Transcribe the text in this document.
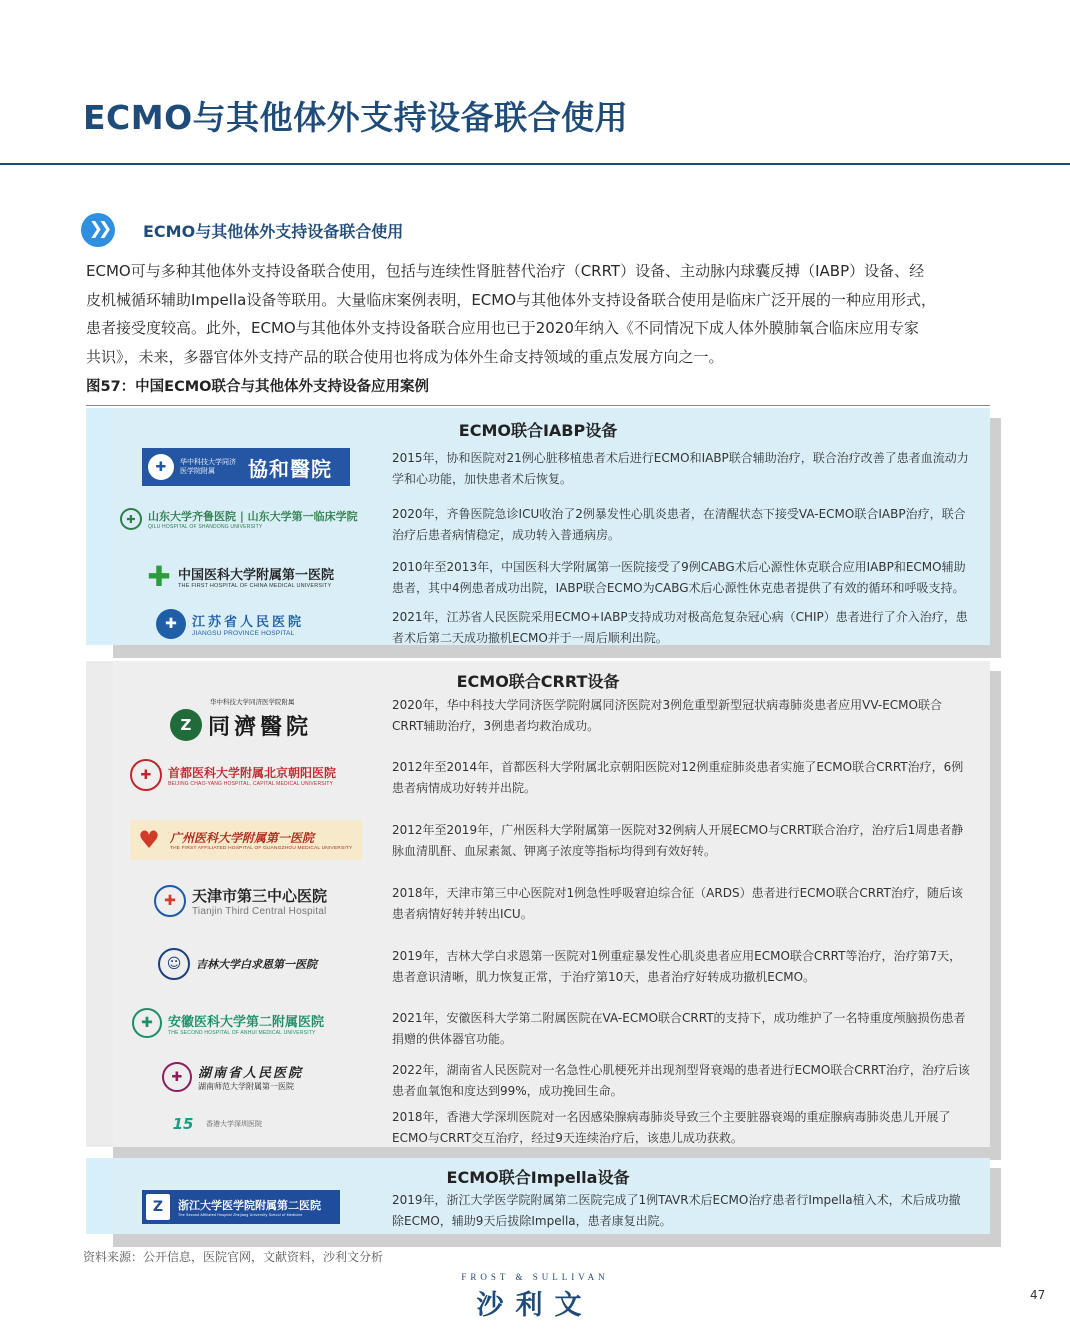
ECMO与其他体外支持设备联合使用
❯❯	ECMO与其他体外支持设备联合使用

ECMO可与多种其他体外支持设备联合使用，包括与连续性肾脏替代治疗（CRRT）设备、主动脉内球囊反搏（IABP）设备、经

皮机械循环辅助Impella设备等联用。大量临床案例表明，ECMO与其他体外支持设备联合使用是临床广泛开展的一种应用形式，

患者接受度较高。此外，ECMO与其他体外支持设备联合应用也已于2020年纳入《不同情况下成人体外膜肺氧合临床应用专家

共识》，未来，多器官体外支持产品的联合使用也将成为体外生命支持领域的重点发展方向之一。

图57：中国ECMO联合与其他体外支持设备应用案例
ECMO联合IABP设备
✚	华中科技大学同济医学院附属	協和醫院	2015年，协和医院对21例心脏移植患者术后进行ECMO和IABP联合辅助治疗，联合治疗改善了患者血流动力学和心功能，加快患者术后恢复。
✚	山东大学齐鲁医院 | 山东大学第一临床学院
QILU HOSPITAL OF SHANDONG UNIVERSITY
2020年，齐鲁医院急诊ICU收治了2例暴发性心肌炎患者，在清醒状态下接受VA-ECMO联合IABP治疗，联合治疗后患者病情稳定，成功转入普通病房。
✚ 中国医科大学附属第一医院
THE FIRST HOSPITAL OF CHINA MEDICAL UNIVERSITY
2010年至2013年，中国医科大学附属第一医院接受了9例CABG术后心源性休克联合应用IABP和ECMO辅助患者，其中4例患者成功出院，IABP联合ECMO为CABG术后心源性休克患者提供了有效的循环和呼吸支持。
✚	江苏省人民医院
JIANGSU PROVINCE HOSPITAL
2021年，江苏省人民医院采用ECMO+IABP支持成功对极高危复杂冠心病（CHIP）患者进行了介入治疗，患者术后第二天成功撤机ECMO并于一周后顺利出院。
ECMO联合CRRT设备
华中科技大学同济医学院附属
Z 同濟醫院
2020年，华中科技大学同济医学院附属同济医院对3例危重型新型冠状病毒肺炎患者应用VV-ECMO联合CRRT辅助治疗，3例患者均救治成功。
✚	首都医科大学附属北京朝阳医院
BEIJING CHAO-YANG HOSPITAL, CAPITAL MEDICAL UNIVERSITY
2012年至2014年，首都医科大学附属北京朝阳医院对12例重症肺炎患者实施了ECMO联合CRRT治疗，6例患者病情成功好转并出院。
♥ 广州医科大学附属第一医院
THE FIRST AFFILIATED HOSPITAL OF GUANGZHOU MEDICAL UNIVERSITY
2012年至2019年，广州医科大学附属第一医院对32例病人开展ECMO与CRRT联合治疗，治疗后1周患者静脉血清肌酐、血尿素氮、钾离子浓度等指标均得到有效好转。
✚	天津市第三中心医院
Tianjin Third Central Hospital
2018年，天津市第三中心医院对1例急性呼吸窘迫综合征（ARDS）患者进行ECMO联合CRRT治疗，随后该患者病情好转并转出ICU。
☺	吉林大学白求恩第一医院
2019年，吉林大学白求恩第一医院对1例重症暴发性心肌炎患者应用ECMO联合CRRT等治疗，治疗第7天，患者意识清晰，肌力恢复正常，于治疗第10天，患者治疗好转成功撤机ECMO。
✚	安徽医科大学第二附属医院
THE SECOND HOSPITAL OF ANHUI MEDICAL UNIVERSITY
2021年，安徽医科大学第二附属医院在VA-ECMO联合CRRT的支持下，成功维护了一名特重度颅脑损伤患者捐赠的供体器官功能。
✚	湖南省人民医院
湖南师范大学附属第一医院
2022年，湖南省人民医院对一名急性心肌梗死并出现剂型肾衰竭的患者进行ECMO联合CRRT治疗，治疗后该患者血氧饱和度达到99%，成功挽回生命。
15	香港大学深圳医院	2018年，香港大学深圳医院对一名因感染腺病毒肺炎导致三个主要脏器衰竭的重症腺病毒肺炎患儿开展了ECMO与CRRT交互治疗，经过9天连续治疗后，该患儿成功获救。
ECMO联合Impella设备
Z	浙江大学医学院附属第二医院
The Second Affiliated Hospital Zhejiang University School of Medicine
2019年，浙江大学医学院附属第二医院完成了1例TAVR术后ECMO治疗患者行Impella植入术，术后成功撤除ECMO，辅助9天后拔除Impella，患者康复出院。
资料来源：公开信息，医院官网，文献资料，沙利文分析
FROST & SULLIVAN
沙利文	47
